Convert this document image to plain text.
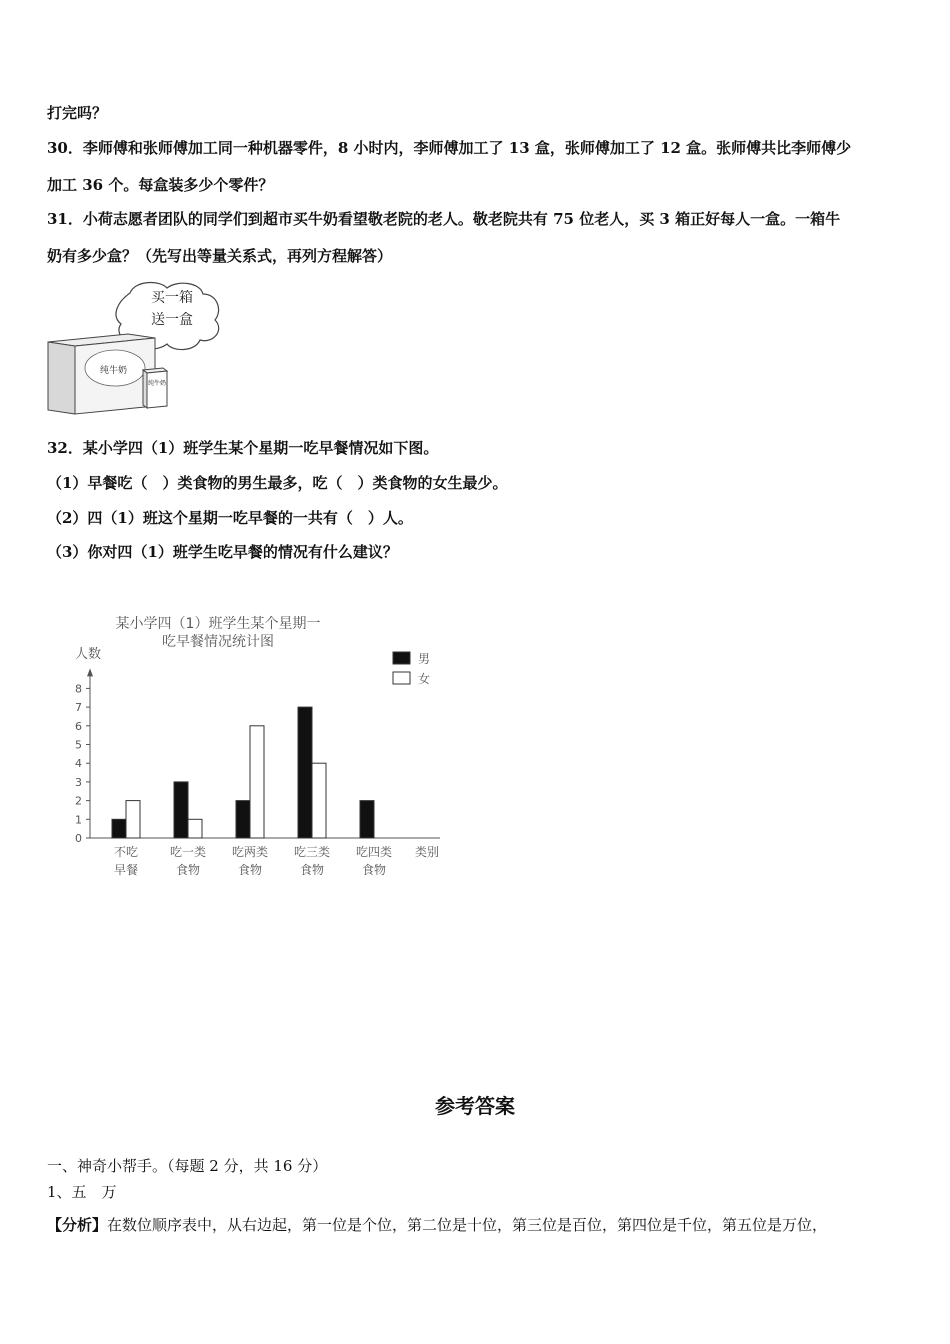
打完吗？
30．李师傅和张师傅加工同一种机器零件，8 小时内，李师傅加工了 13 盒，张师傅加工了 12 盒。张师傅共比李师傅少
加工 36 个。每盒装多少个零件？
31．小荷志愿者团队的同学们到超市买牛奶看望敬老院的老人。敬老院共有 75 位老人，买 3 箱正好每人一盒。一箱牛
奶有多少盒？（先写出等量关系式，再列方程解答）
买一箱
送一盒
纯牛奶
纯牛奶
32．某小学四（1）班学生某个星期一吃早餐情况如下图。
（1）早餐吃（　）类食物的男生最多，吃（　）类食物的女生最少。
（2）四（1）班这个星期一吃早餐的一共有（　）人。
（3）你对四（1）班学生吃早餐的情况有什么建议？
某小学四（1）班学生某个星期一
吃早餐情况统计图
人数
0
1
2
3
4
5
6
7
8
不吃
早餐
吃一类
食物
吃两类
食物
吃三类
食物
吃四类
食物
类别
男
女
参考答案
一、神奇小帮手。（每题 2 分，共 16 分）
1、五　万
【分析】在数位顺序表中，从右边起，第一位是个位，第二位是十位，第三位是百位，第四位是千位，第五位是万位，
